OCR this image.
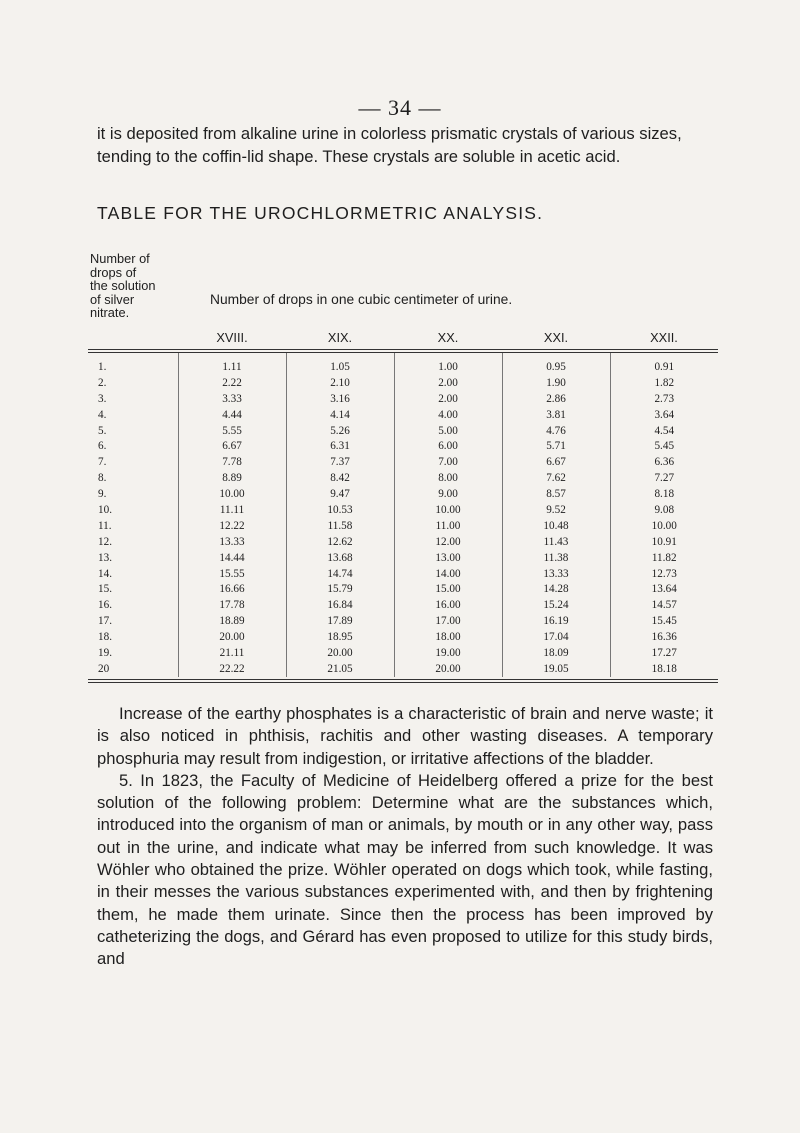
— 34 —

it is deposited from alkaline urine in colorless prismatic crystals of various sizes, tending to the coffin-lid shape. These crystals are soluble in acetic acid.

TABLE FOR THE UROCHLORMETRIC ANALYSIS.

Number of
drops of
the solution
of silver
nitrate.
Number of drops in one cubic centimeter of urine.
XVIII.	XIX.	XX.	XXI.	XXII.
1.	1.11	1.05	1.00	0.95	0.91
2.	2.22	2.10	2.00	1.90	1.82
3.	3.33	3.16	2.00	2.86	2.73
4.	4.44	4.14	4.00	3.81	3.64
5.	5.55	5.26	5.00	4.76	4.54
6.	6.67	6.31	6.00	5.71	5.45
7.	7.78	7.37	7.00	6.67	6.36
8.	8.89	8.42	8.00	7.62	7.27
9.	10.00	9.47	9.00	8.57	8.18
10.	11.11	10.53	10.00	9.52	9.08
11.	12.22	11.58	11.00	10.48	10.00
12.	13.33	12.62	12.00	11.43	10.91
13.	14.44	13.68	13.00	11.38	11.82
14.	15.55	14.74	14.00	13.33	12.73
15.	16.66	15.79	15.00	14.28	13.64
16.	17.78	16.84	16.00	15.24	14.57
17.	18.89	17.89	17.00	16.19	15.45
18.	20.00	18.95	18.00	17.04	16.36
19.	21.11	20.00	19.00	18.09	17.27
20	22.22	21.05	20.00	19.05	18.18

Increase of the earthy phosphates is a characteristic of brain and nerve waste; it is also noticed in phthisis, rachitis and other wasting diseases. A temporary phosphuria may result from indigestion, or irritative affections of the bladder.

5. In 1823, the Faculty of Medicine of Heidelberg offered a prize for the best solution of the following problem: Determine what are the substances which, introduced into the organism of man or animals, by mouth or in any other way, pass out in the urine, and indicate what may be inferred from such knowledge. It was Wöhler who obtained the prize. Wöhler operated on dogs which took, while fasting, in their messes the various substances experimented with, and then by frightening them, he made them urinate. Since then the process has been improved by catheterizing the dogs, and Gérard has even proposed to utilize for this study birds, and
